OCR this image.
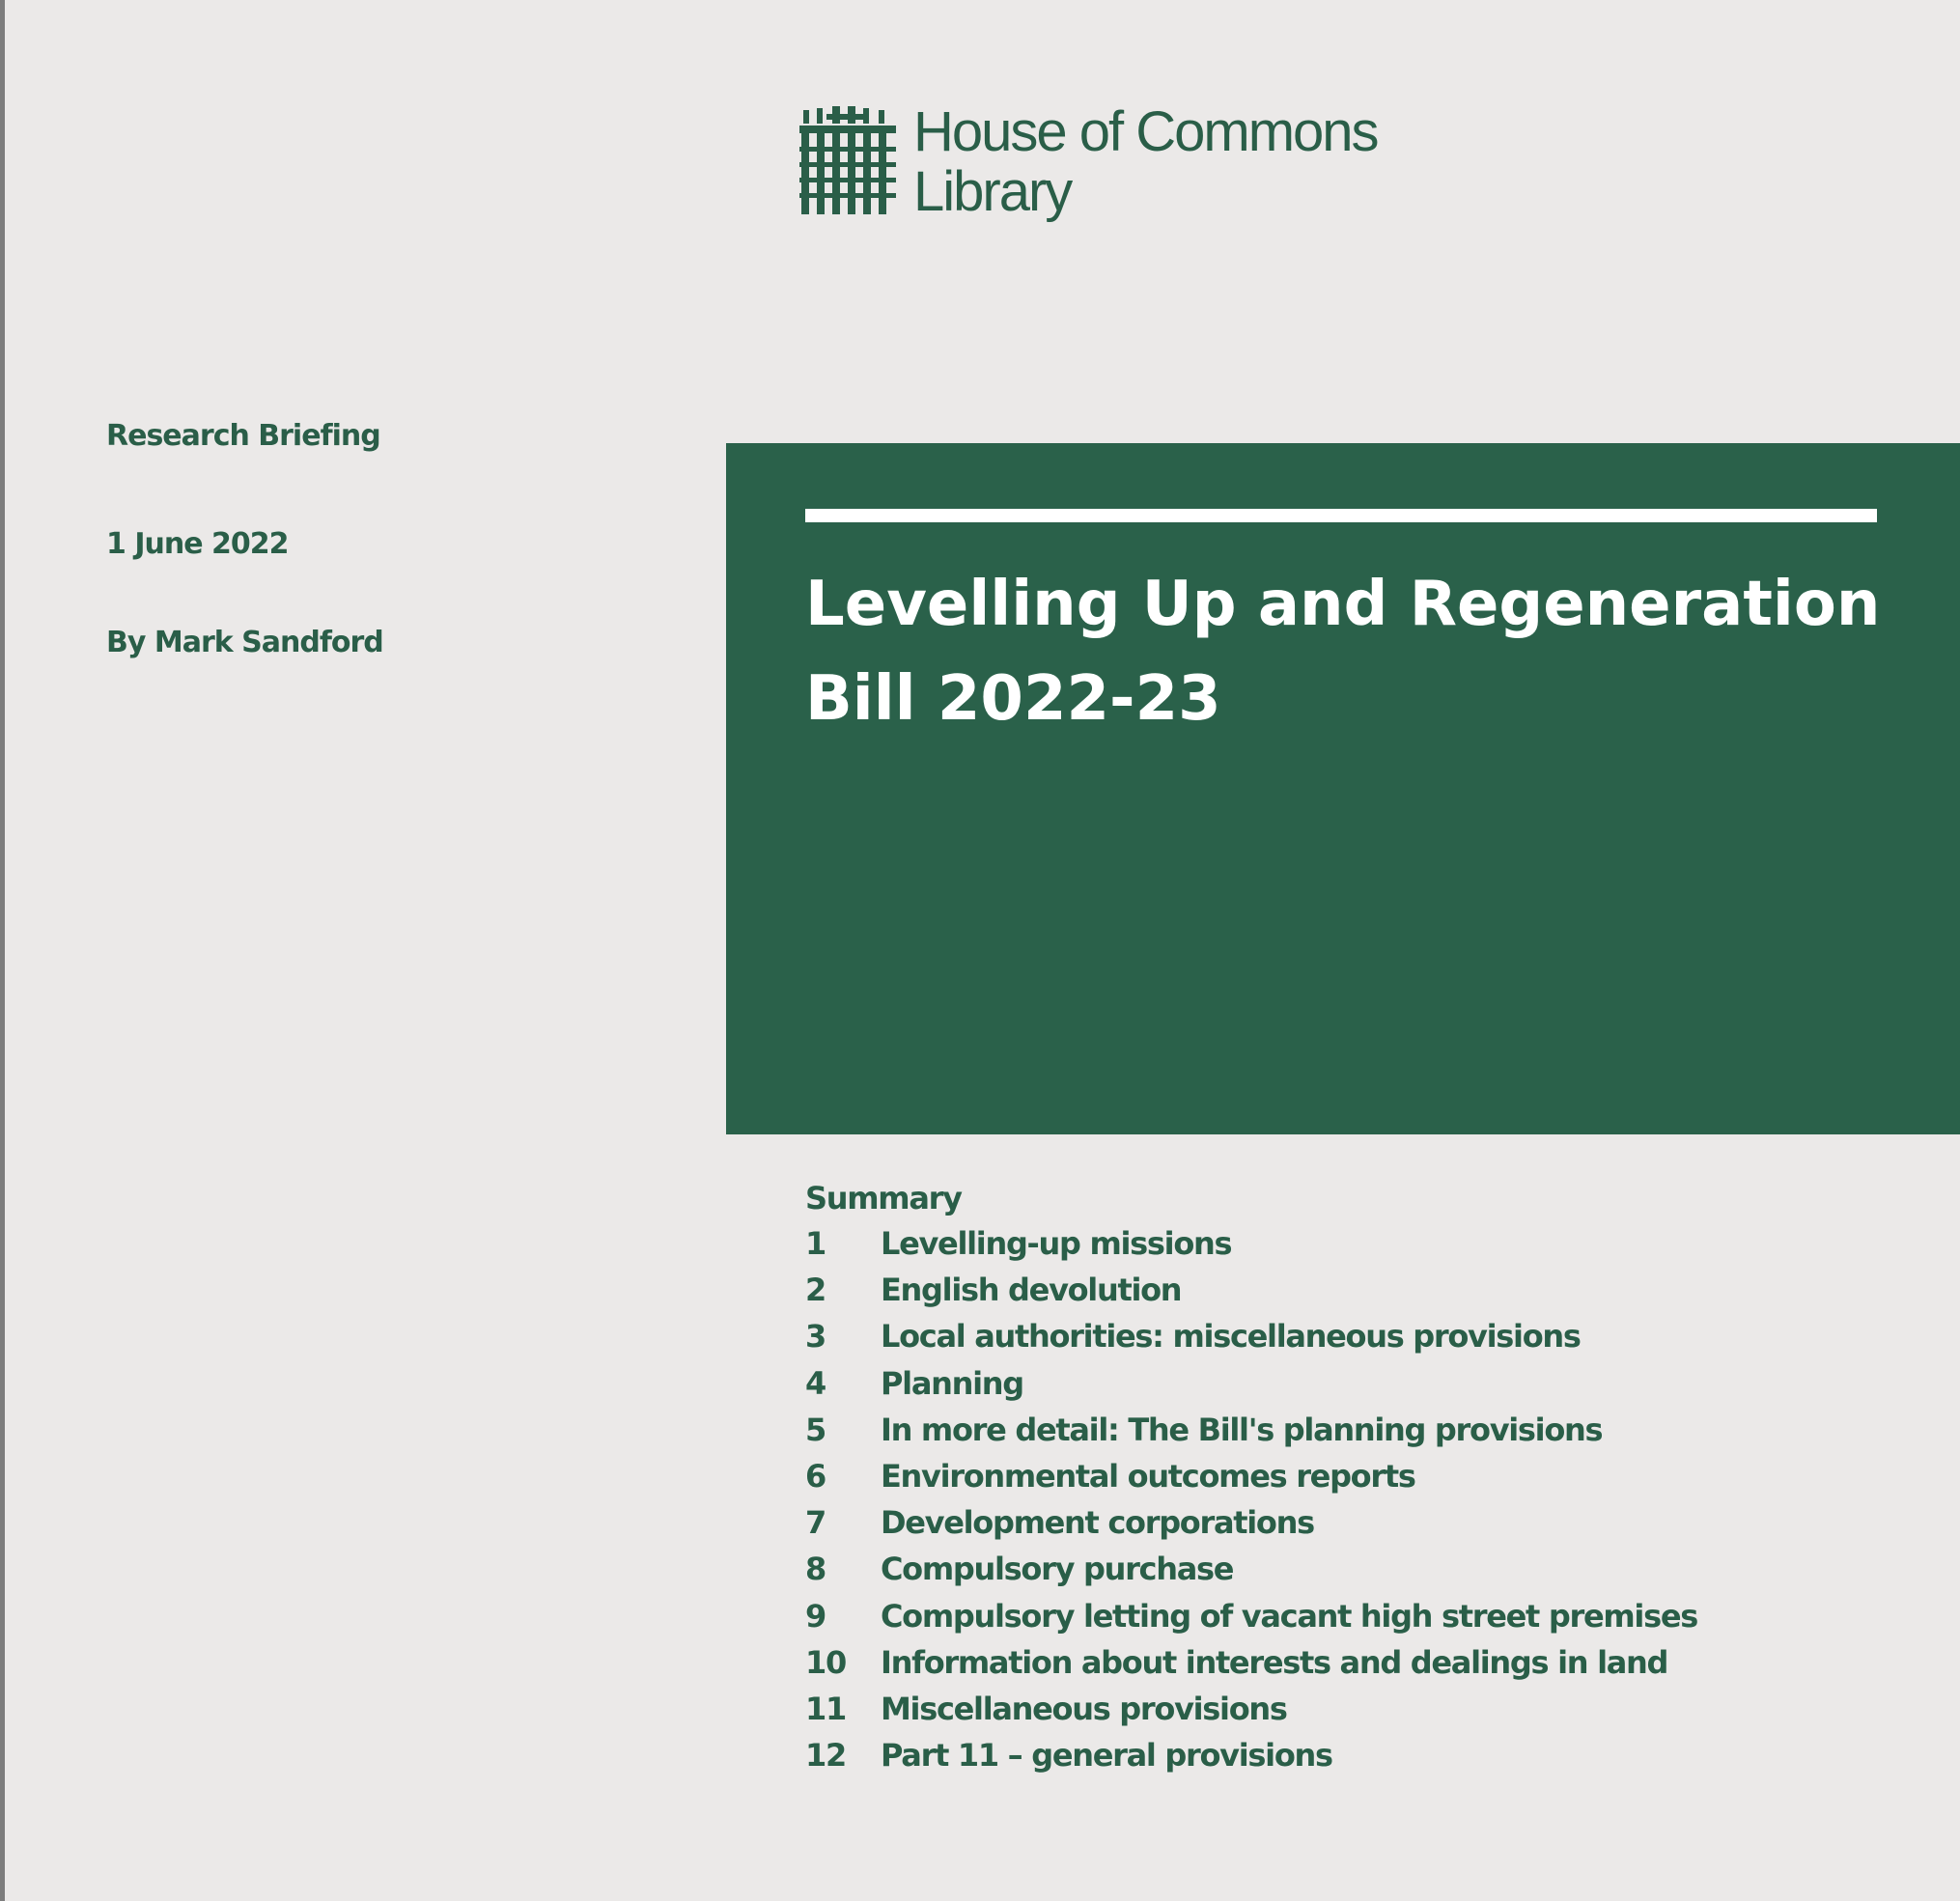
House of Commons
Library
Research Briefing
1 June 2022
By Mark Sandford
Levelling Up and Regeneration Bill 2022-23
Summary
1 Levelling-up missions
2 English devolution
3 Local authorities: miscellaneous provisions
4 Planning
5 In more detail: The Bill's planning provisions
6 Environmental outcomes reports
7 Development corporations
8 Compulsory purchase
9 Compulsory letting of vacant high street premises
10 Information about interests and dealings in land
11 Miscellaneous provisions
12 Part 11 – general provisions
